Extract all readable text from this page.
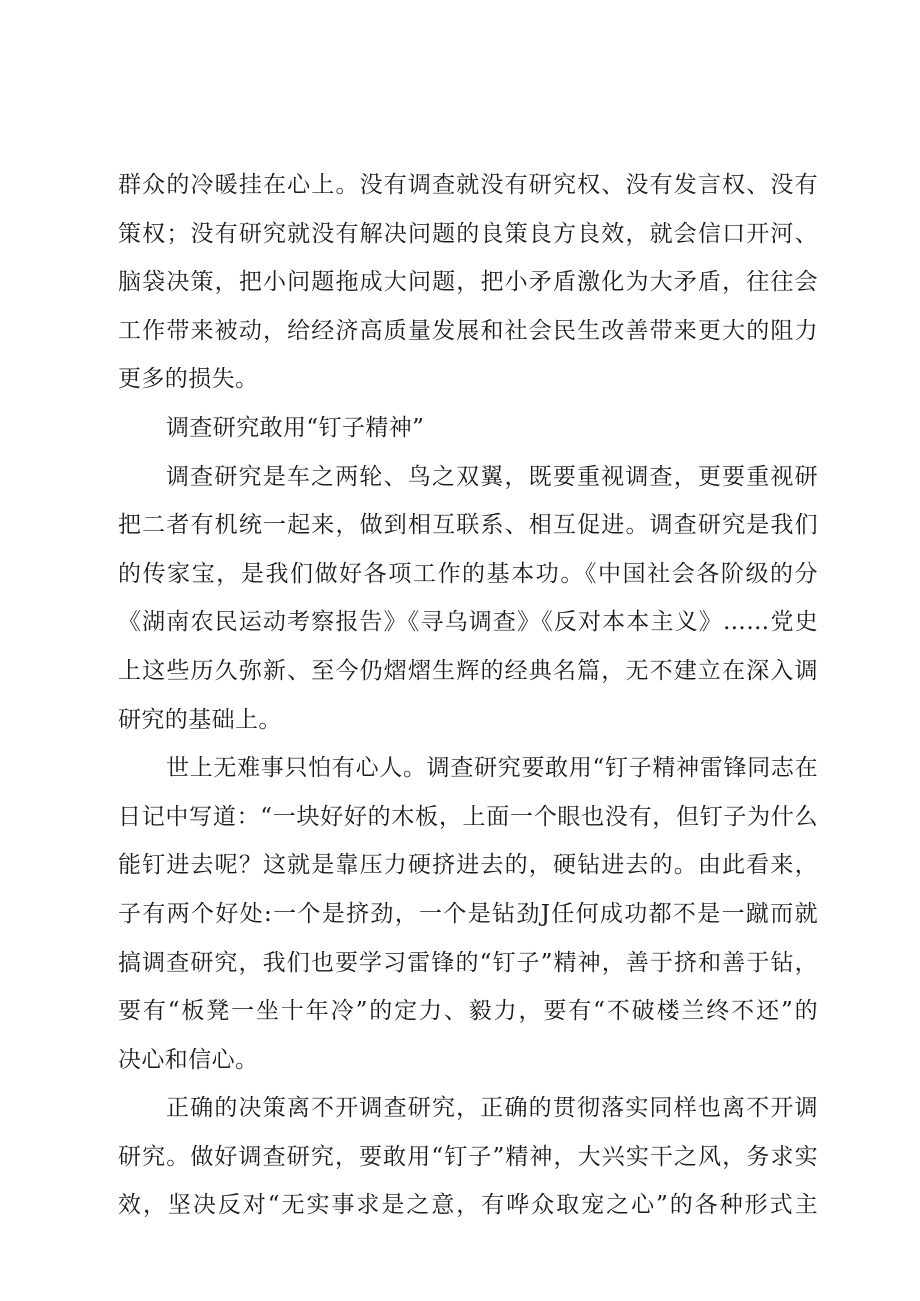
群众的冷暖挂在心上。没有调查就没有研究权、没有发言权、没有
策权；没有研究就没有解决问题的良策良方良效，就会信口开河、
脑袋决策，把小问题拖成大问题，把小矛盾激化为大矛盾，往往会
工作带来被动，给经济高质量发展和社会民生改善带来更大的阻力
更多的损失。
调查研究敢用“钉子精神”
调查研究是车之两轮、鸟之双翼，既要重视调查，更要重视研
把二者有机统一起来，做到相互联系、相互促进。调查研究是我们
的传家宝，是我们做好各项工作的基本功。《中国社会各阶级的分
《湖南农民运动考察报告》《寻乌调查》《反对本本主义》……党史
上这些历久弥新、至今仍熠熠生辉的经典名篇，无不建立在深入调
研究的基础上。
世上无难事只怕有心人。调查研究要敢用“钉子精神雷锋同志在
日记中写道：“一块好好的木板，上面一个眼也没有，但钉子为什么
能钉进去呢？这就是靠压力硬挤进去的，硬钻进去的。由此看来，
子有两个好处:一个是挤劲，一个是钻劲J任何成功都不是一蹴而就
搞调查研究，我们也要学习雷锋的“钉子”精神，善于挤和善于钻，
要有“板凳一坐十年冷”的定力、毅力，要有“不破楼兰终不还”的
决心和信心。
正确的决策离不开调查研究，正确的贯彻落实同样也离不开调
研究。做好调查研究，要敢用“钉子”精神，大兴实干之风，务求实
效，坚决反对“无实事求是之意，有哗众取宠之心”的各种形式主
